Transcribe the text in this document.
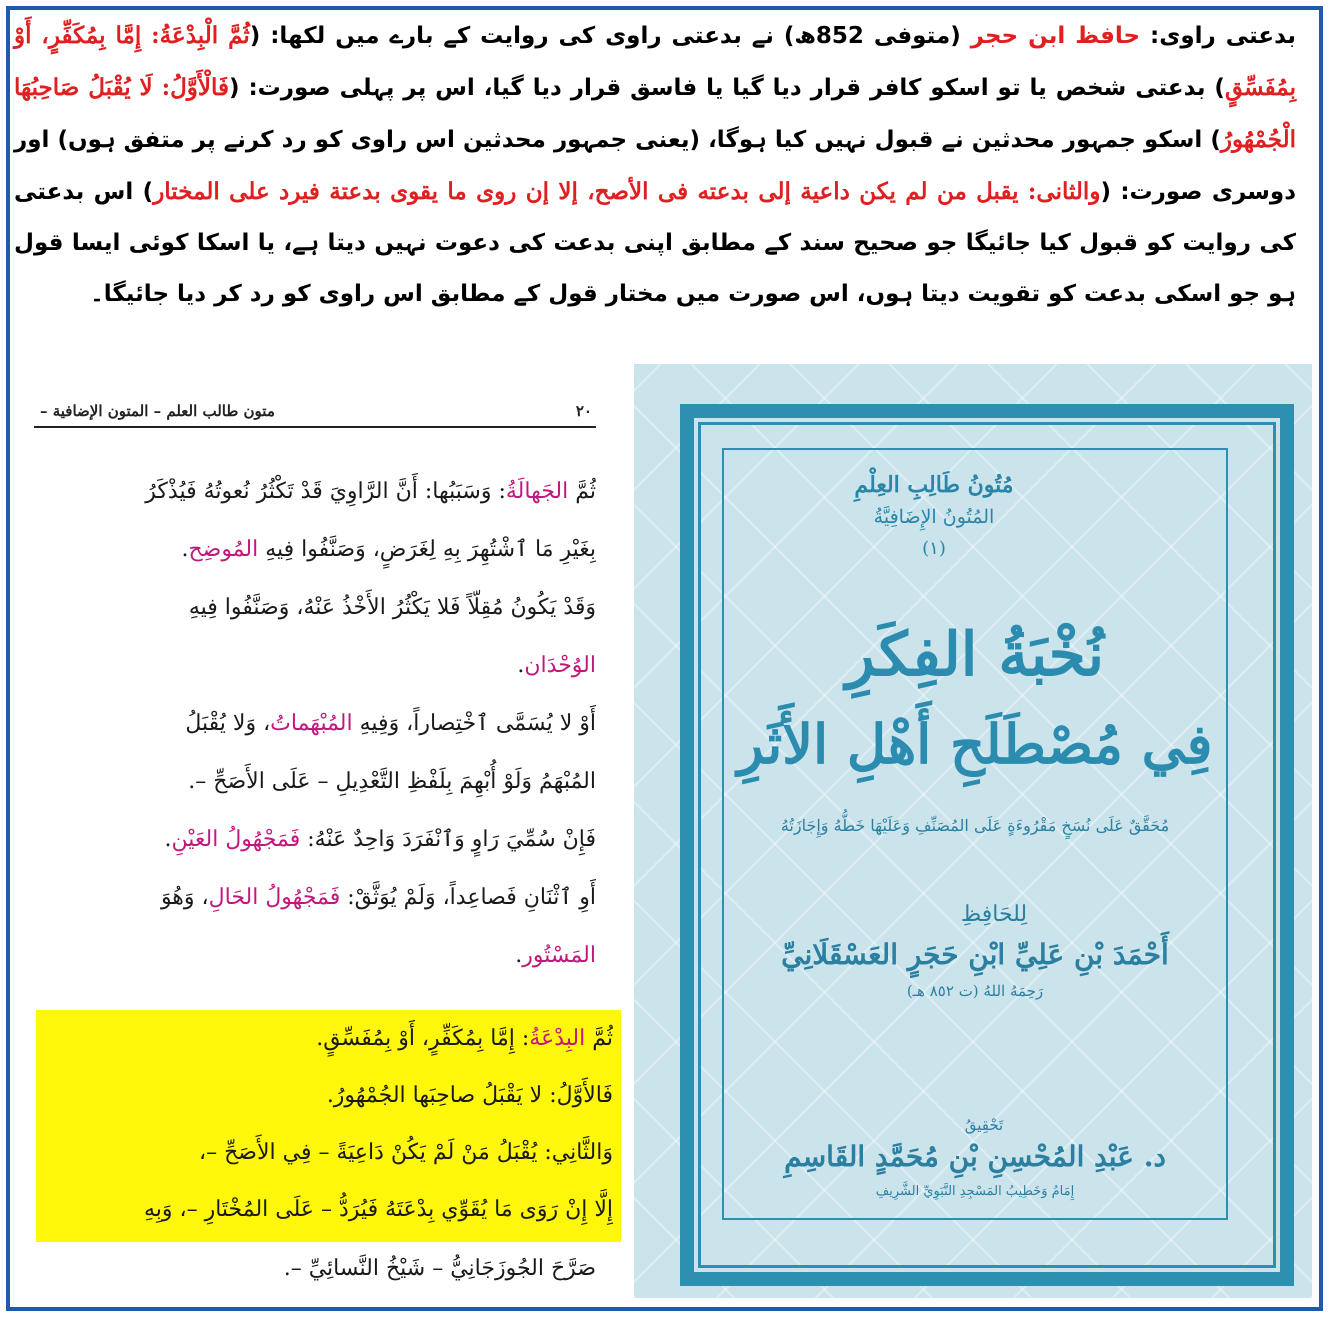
بدعتی راوی: حافظ ابن حجر (متوفی 852ھ) نے بدعتی راوی کی روایت کے بارے میں لکھا: (ثُمَّ الْبِدْعَةُ: إِمَّا بِمُكَفِّرٍ، أَوْ بِمُفَسِّقٍ) بدعتی شخص یا تو اسکو کافر قرار دیا گیا یا فاسق قرار دیا گیا، اس پر پہلی صورت: (فَالْأَوَّلُ: لَا يُقْبَلُ صَاحِبُهَا الْجُمْهُورُ) اسکو جمہور محدثین نے قبول نہیں کیا ہوگا، (یعنی جمہور محدثین اس راوی کو رد کرنے پر متفق ہوں) اور دوسری صورت: (والثانی: يقبل من لم يكن داعية إلى بدعته فی الأصح، إلا إن روى ما يقوى بدعتة فيرد على المختار) اس بدعتی کی روایت کو قبول کیا جائیگا جو صحیح سند کے مطابق اپنی بدعت کی دعوت نہیں دیتا ہے، یا اسکا کوئی ایسا قول ہو جو اسکی بدعت کو تقویت دیتا ہوں، اس صورت میں مختار قول کے مطابق اس راوی کو رد کر دیا جائیگا۔
٢٠
متون طالب العلم – المتون الإضافية –
ثُمَّ الجَهالَةُ: وَسَبَبُها: أَنَّ الرَّاوِيَ قَدْ تَكْثُرُ نُعوتُهُ فَيُذْكَرُ
بِغَيْرِ مَا ٱشْتُهِرَ بِهِ لِغَرَضٍ، وَصَنَّفُوا فِيهِ المُوضِح.
وَقَدْ يَكُونُ مُقِلّاً فَلا يَكْثُرُ الأَخْذُ عَنْهُ، وَصَنَّفُوا فِيهِ
الوُحْدَان.
أَوْ لا يُسَمَّى ٱخْتِصاراً، وَفِيهِ المُبْهَماتُ، وَلا يُقْبَلُ
المُبْهَمُ وَلَوْ أُبْهِمَ بِلَفْظِ التَّعْدِيلِ – عَلَى الأَصَحِّ –.
فَإِنْ سُمِّيَ رَاوٍ وَٱنْفَرَدَ وَاحِدٌ عَنْهُ: فَمَجْهُولُ العَيْنِ.
أَوِ ٱثْنَانِ فَصاعِداً، وَلَمْ يُوَثَّقْ: فَمَجْهُولُ الحَالِ، وَهُوَ
المَسْتُور.
ثُمَّ البِدْعَةُ: إِمَّا بِمُكَفِّرٍ، أَوْ بِمُفَسِّقٍ.
فَالأَوَّلُ: لا يَقْبَلُ صاحِبَها الجُمْهُورُ.
وَالثَّانِي: يُقْبَلُ مَنْ لَمْ يَكُنْ دَاعِيَةً – فِي الأَصَحِّ –،
إِلَّا إِنْ رَوَى مَا يُقَوِّي بِدْعَتَهُ فَيُرَدُّ – عَلَى المُخْتَارِ –، وَبِهِ
صَرَّحَ الجُوزَجَانِيُّ – شَيْخُ النَّسائِيِّ –.
مُتُونُ طَالِبِ العِلْمِ
المُتُونُ الإِضَافِيَّةُ
(١)
نُخْبَةُ الفِكَرِ
فِي مُصْطَلَحِ أَهْلِ الأَثَرِ
مُحَقَّقٌ عَلَى نُسَخٍ مَقْرُوءَةٍ عَلَى المُصَنِّفِ وَعَلَيْهَا خَطُّهُ وَإِجَازَتُهُ
لِلحَافِظِ
أَحْمَدَ بْنِ عَلِيِّ ابْنِ حَجَرٍ العَسْقَلَانِيِّ
رَحِمَهُ اللهُ (ت ٨٥٢ هـ)
تَحْقِيقُ
د. عَبْدِ المُحْسِنِ بْنِ مُحَمَّدٍ القَاسِمِ
إِمَامُ وَخَطِيبُ المَسْجِدِ النَّبَوِيِّ الشَّرِيفِ
